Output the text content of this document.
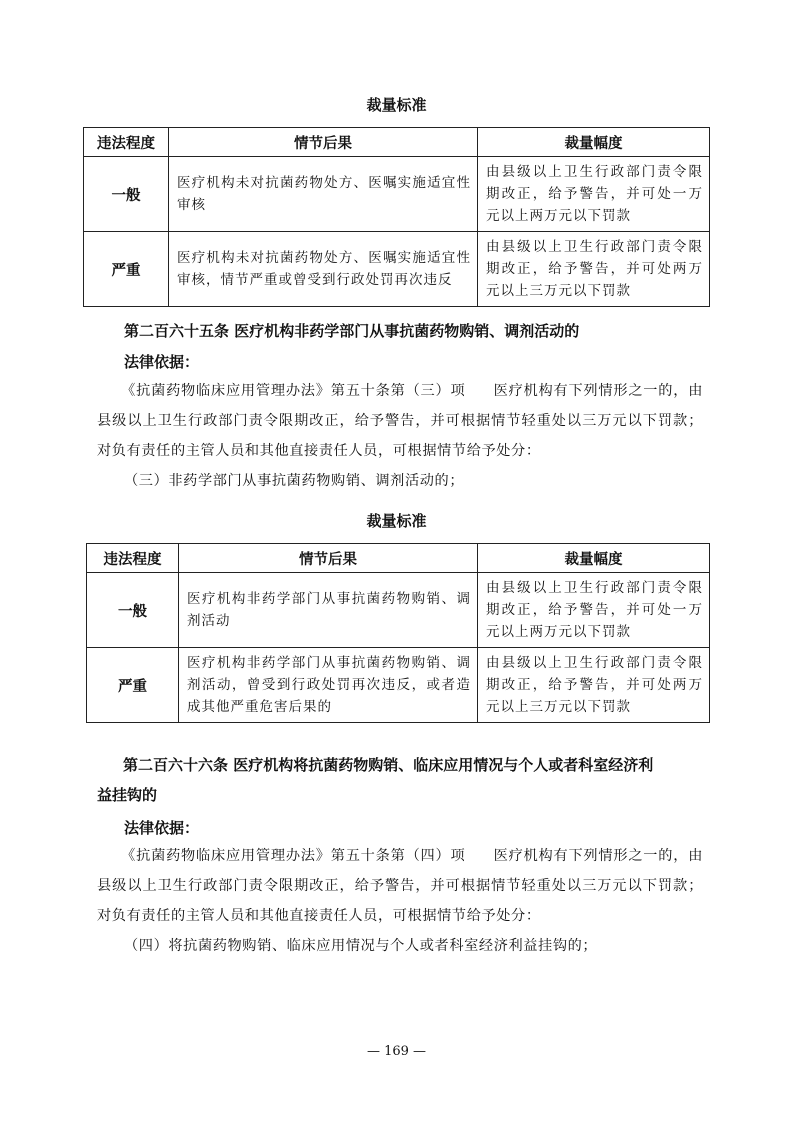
裁量标准
违法程度	情节后果	裁量幅度
一般	医疗机构未对抗菌药物处方、医嘱实施适宜性审核	由县级以上卫生行政部门责令限期改正，给予警告，并可处一万元以上两万元以下罚款
严重	医疗机构未对抗菌药物处方、医嘱实施适宜性审核，情节严重或曾受到行政处罚再次违反	由县级以上卫生行政部门责令限期改正，给予警告，并可处两万元以上三万元以下罚款
第二百六十五条 医疗机构非药学部门从事抗菌药物购销、调剂活动的
法律依据：
《抗菌药物临床应用管理办法》第五十条第（三）项 医疗机构有下列情形之一的，由县级以上卫生行政部门责令限期改正，给予警告，并可根据情节轻重处以三万元以下罚款；对负有责任的主管人员和其他直接责任人员，可根据情节给予处分：
（三）非药学部门从事抗菌药物购销、调剂活动的；
裁量标准
违法程度	情节后果	裁量幅度
一般	医疗机构非药学部门从事抗菌药物购销、调剂活动	由县级以上卫生行政部门责令限期改正，给予警告，并可处一万元以上两万元以下罚款
严重	医疗机构非药学部门从事抗菌药物购销、调剂活动，曾受到行政处罚再次违反，或者造成其他严重危害后果的	由县级以上卫生行政部门责令限期改正，给予警告，并可处两万元以上三万元以下罚款
第二百六十六条 医疗机构将抗菌药物购销、临床应用情况与个人或者科室经济利
益挂钩的
法律依据：
《抗菌药物临床应用管理办法》第五十条第（四）项 医疗机构有下列情形之一的，由县级以上卫生行政部门责令限期改正，给予警告，并可根据情节轻重处以三万元以下罚款；对负有责任的主管人员和其他直接责任人员，可根据情节给予处分：
（四）将抗菌药物购销、临床应用情况与个人或者科室经济利益挂钩的；
— 169 —
